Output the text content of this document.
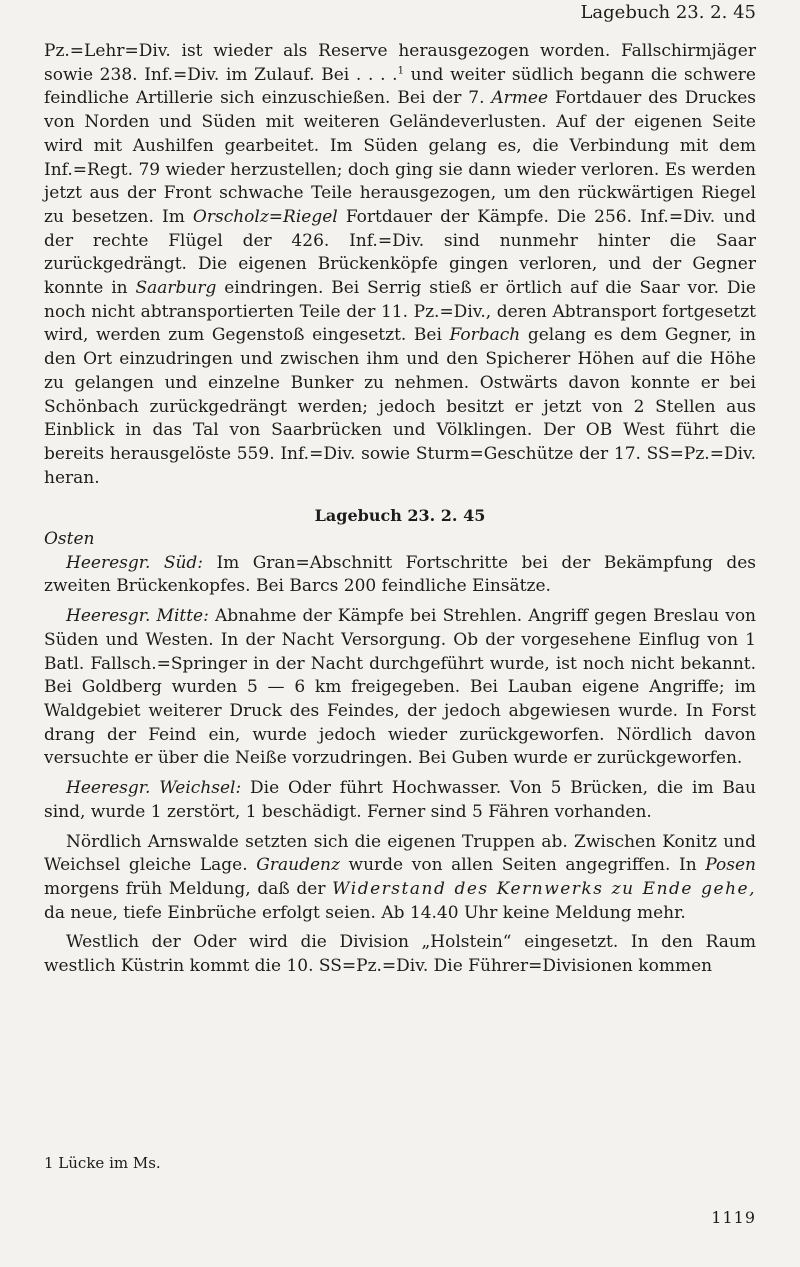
Lagebuch 23. 2. 45

Pz.=Lehr=Div. ist wieder als Reserve herausgezogen worden. Fallschirmjäger sowie 238. Inf.=Div. im Zulauf. Bei . . . .$^1$ und weiter südlich begann die schwere feindliche Artillerie sich einzuschießen. Bei der 7. Armee Fortdauer des Druckes von Norden und Süden mit weiteren Geländeverlusten. Auf der eigenen Seite wird mit Aushilfen gearbeitet. Im Süden gelang es, die Verbindung mit dem Inf.=Regt. 79 wieder herzustellen; doch ging sie dann wieder verloren. Es werden jetzt aus der Front schwache Teile herausgezogen, um den rückwärtigen Riegel zu besetzen. Im Orscholz=Riegel Fortdauer der Kämpfe. Die 256. Inf.=Div. und der rechte Flügel der 426. Inf.=Div. sind nunmehr hinter die Saar zurückgedrängt. Die eigenen Brückenköpfe gingen verloren, und der Gegner konnte in Saarburg eindringen. Bei Serrig stieß er örtlich auf die Saar vor. Die noch nicht abtransportierten Teile der 11. Pz.=Div., deren Abtransport fortgesetzt wird, werden zum Gegenstoß eingesetzt. Bei Forbach gelang es dem Gegner, in den Ort einzudringen und zwischen ihm und den Spicherer Höhen auf die Höhe zu gelangen und einzelne Bunker zu nehmen. Ostwärts davon konnte er bei Schönbach zurückgedrängt werden; jedoch besitzt er jetzt von 2 Stellen aus Einblick in das Tal von Saarbrücken und Völklingen. Der OB West führt die bereits herausgelöste 559. Inf.=Div. sowie Sturm=Geschütze der 17. SS=Pz.=Div. heran.

Lagebuch 23. 2. 45

Osten

Heeresgr. Süd: Im Gran=Abschnitt Fortschritte bei der Bekämpfung des zweiten Brückenkopfes. Bei Barcs 200 feindliche Einsätze.

Heeresgr. Mitte: Abnahme der Kämpfe bei Strehlen. Angriff gegen Breslau von Süden und Westen. In der Nacht Versorgung. Ob der vorgesehene Einflug von 1 Batl. Fallsch.=Springer in der Nacht durchgeführt wurde, ist noch nicht bekannt. Bei Goldberg wurden 5 — 6 km freigegeben. Bei Lauban eigene Angriffe; im Waldgebiet weiterer Druck des Feindes, der jedoch abgewiesen wurde. In Forst drang der Feind ein, wurde jedoch wieder zurückgeworfen. Nördlich davon versuchte er über die Neiße vorzudringen. Bei Guben wurde er zurückgeworfen.

Heeresgr. Weichsel: Die Oder führt Hochwasser. Von 5 Brücken, die im Bau sind, wurde 1 zerstört, 1 beschädigt. Ferner sind 5 Fähren vorhanden.

Nördlich Arnswalde setzten sich die eigenen Truppen ab. Zwischen Konitz und Weichsel gleiche Lage. Graudenz wurde von allen Seiten angegriffen. In Posen morgens früh Meldung, daß der Widerstand des Kernwerks zu Ende gehe, da neue, tiefe Einbrüche erfolgt seien. Ab 14.40 Uhr keine Meldung mehr.

Westlich der Oder wird die Division „Holstein“ eingesetzt. In den Raum westlich Küstrin kommt die 10. SS=Pz.=Div. Die Führer=Divisionen kommen

1 Lücke im Ms.
1119
